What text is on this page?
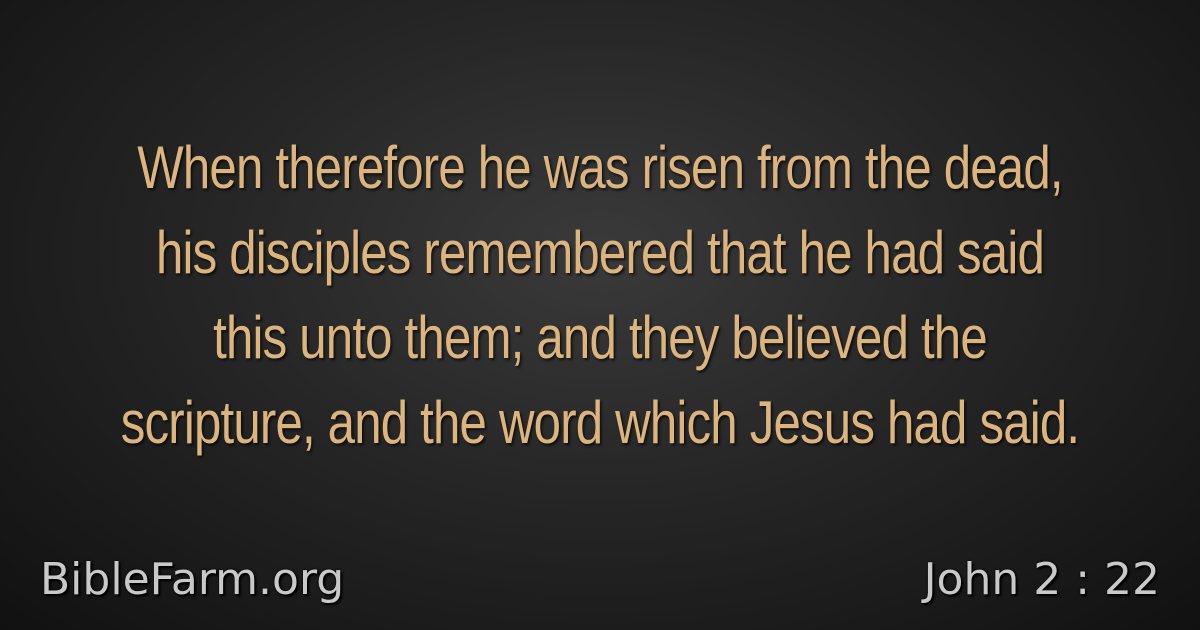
When therefore he was risen from the dead,
his disciples remembered that he had said
this unto them; and they believed the
scripture, and the word which Jesus had said.
BibleFarm.org	John 2 : 22
